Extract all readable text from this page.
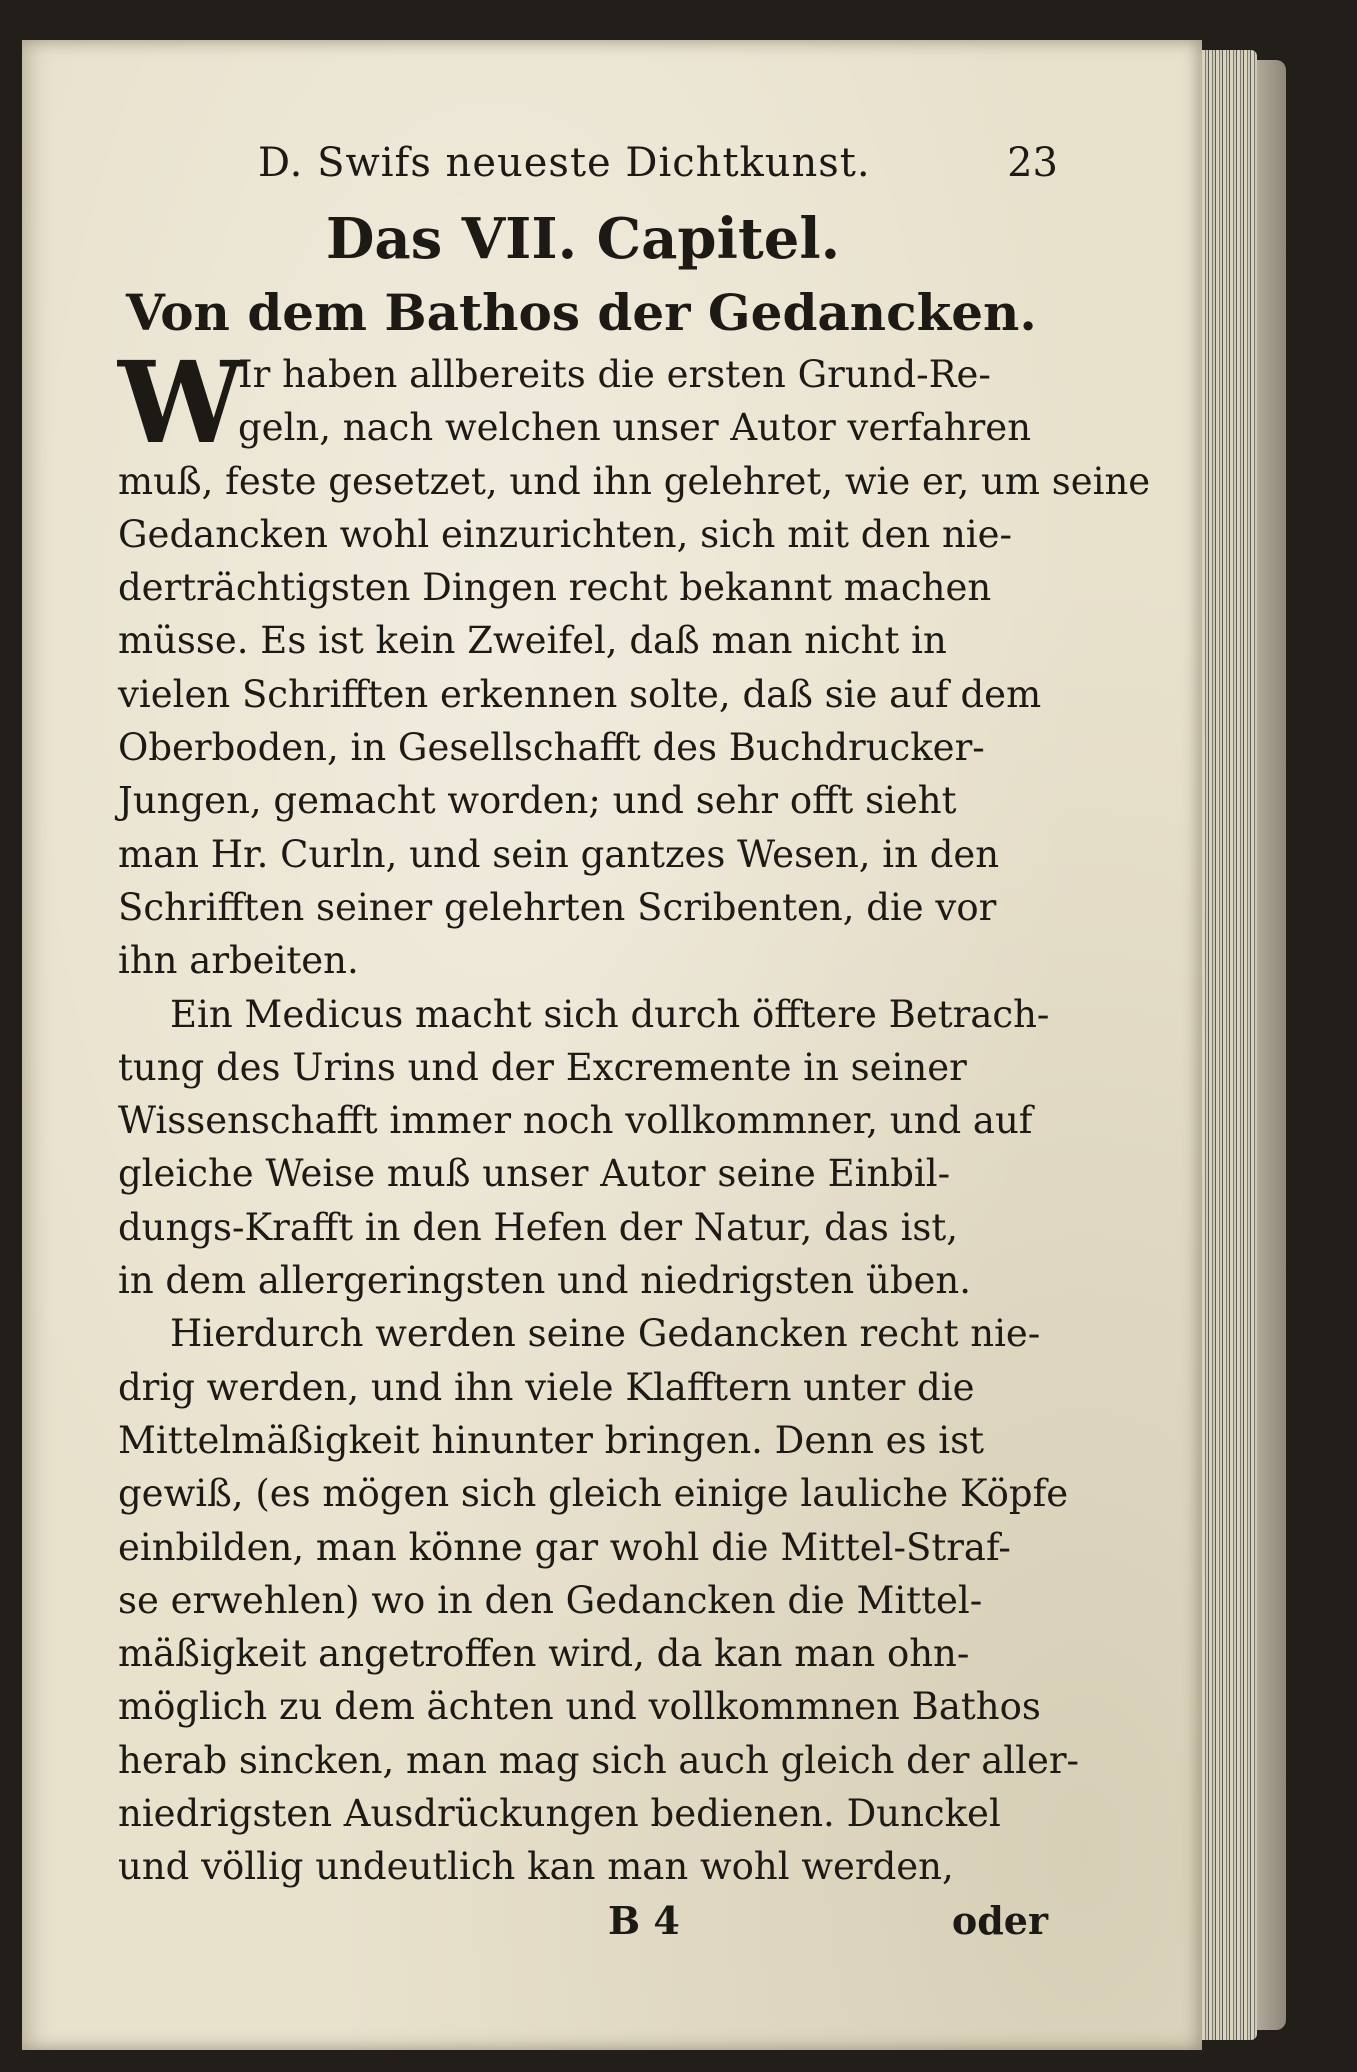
D. Swifs neueste Dichtkunst.	23
Das VII. Capitel.
Von dem Bathos der Gedancken.
W
Ir haben allbereits die ersten Grund-Re-
geln, nach welchen unser Autor verfahren
muß, feste gesetzet, und ihn gelehret, wie er, um seine
Gedancken wohl einzurichten, sich mit den nie-
derträchtigsten Dingen recht bekannt machen
müsse. Es ist kein Zweifel, daß man nicht in
vielen Schrifften erkennen solte, daß sie auf dem
Oberboden, in Gesellschafft des Buchdrucker-
Jungen, gemacht worden; und sehr offt sieht
man Hr. Curln, und sein gantzes Wesen, in den
Schrifften seiner gelehrten Scribenten, die vor
ihn arbeiten.
Ein Medicus macht sich durch öfftere Betrach-
tung des Urins und der Excremente in seiner
Wissenschafft immer noch vollkommner, und auf
gleiche Weise muß unser Autor seine Einbil-
dungs-Krafft in den Hefen der Natur, das ist,
in dem allergeringsten und niedrigsten üben.
Hierdurch werden seine Gedancken recht nie-
drig werden, und ihn viele Klafftern unter die
Mittelmäßigkeit hinunter bringen. Denn es ist
gewiß, (es mögen sich gleich einige lauliche Köpfe
einbilden, man könne gar wohl die Mittel-Straf-
se erwehlen) wo in den Gedancken die Mittel-
mäßigkeit angetroffen wird, da kan man ohn-
möglich zu dem ächten und vollkommnen Bathos
herab sincken, man mag sich auch gleich der aller-
niedrigsten Ausdrückungen bedienen. Dunckel
und völlig undeutlich kan man wohl werden,
B 4	oder
